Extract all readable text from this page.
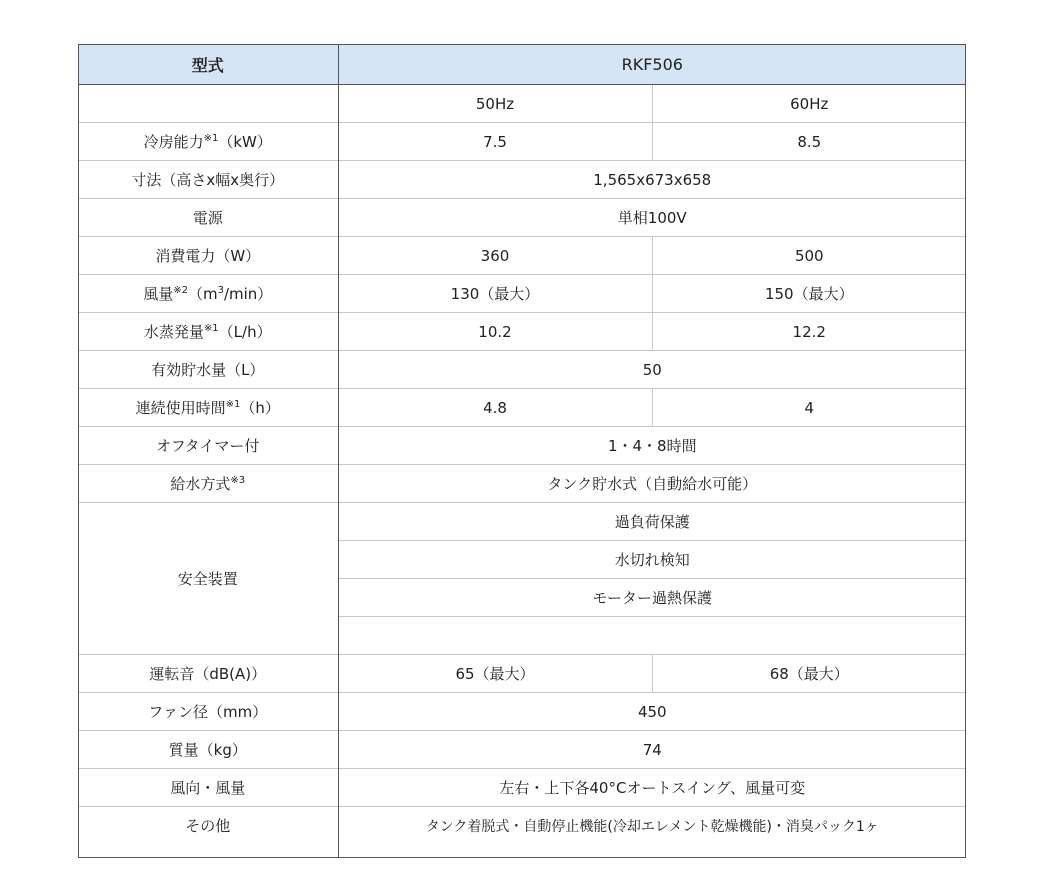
型式	RKF506	
	50Hz	60Hz
冷房能力$^{※1}$（kW）	7.5	8.5
寸法（高さx幅x奥行）	1,565x673x658	
電源	単相100V	
消費電力（W）	360	500
風量$^{※2}(m^3/\min)$	130（最大）	150（最大）
水蒸発量$^{※1}$（L/h）	10.2	12.2
有効貯水量（L）	50	
連続使用時間$^{※1}$（h）	4.8	4
オフタイマー付	1・4・8時間	
給水方式$^{※3}$	タンク貯水式（自動給水可能）	
安全装置	過負荷保護	
	水切れ検知	
	モーター過熱保護	

運転音（dB(A)）	65（最大）	68（最大）
ファン径（mm）	450	
質量（kg）	74	
風向・風量	左右・上下各40°Cオートスイング、風量可変	
その他	タンク着脱式・自動停止機能(冷却エレメント乾燥機能)・消臭パック1ヶ	
